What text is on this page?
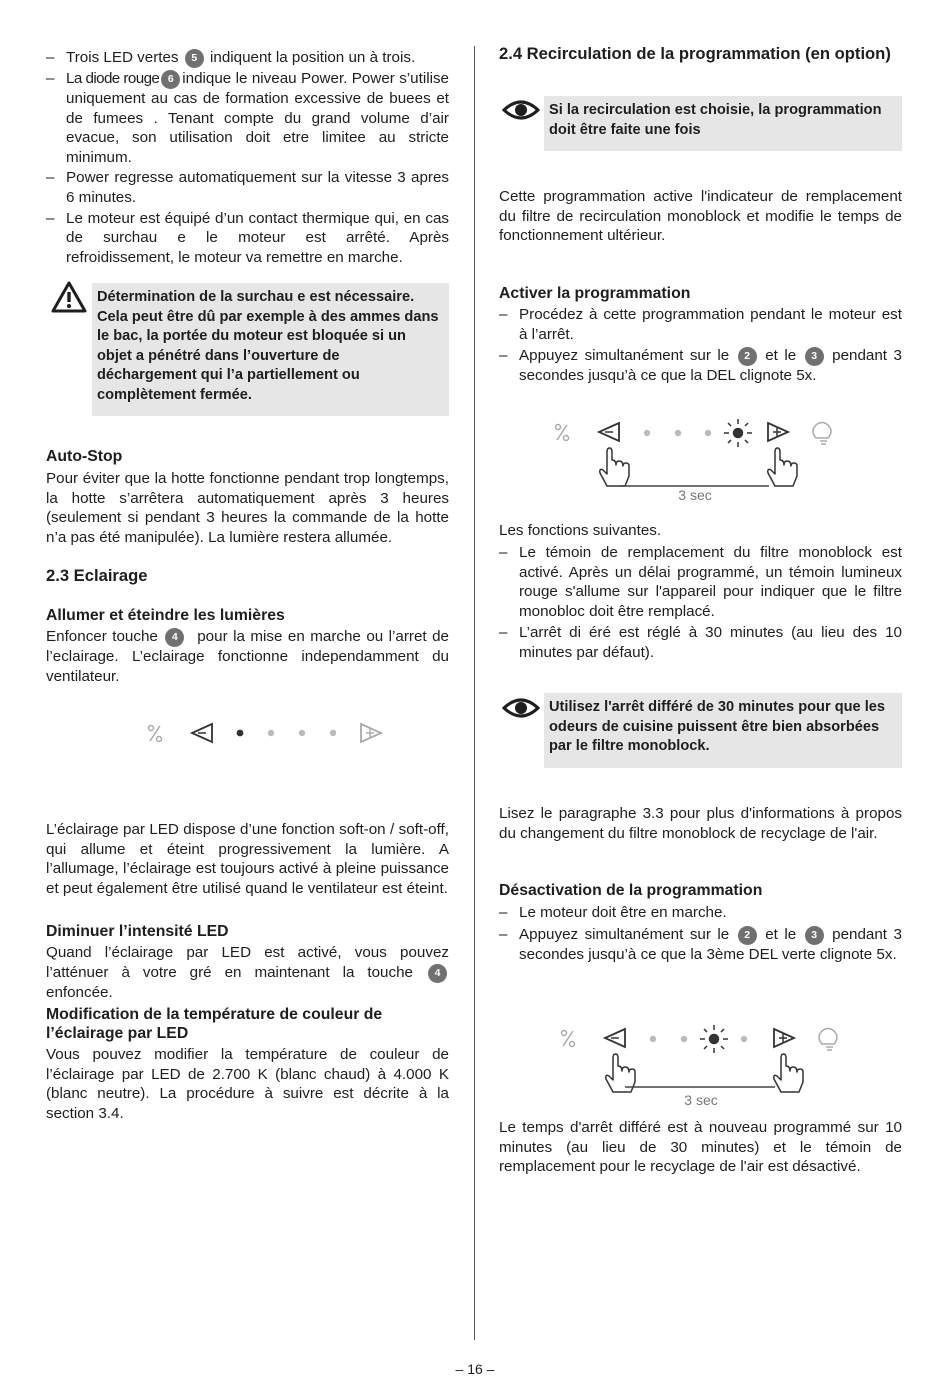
– Trois LED vertes 5 indiquent la position un à trois.
– La diode rouge 6 indique le niveau Power. Power s’utilise uniquement au cas de formation excessive de buees et de fumees . Tenant compte du grand volume d’air evacue, son utilisation doit etre limitee au stricte minimum.
– Power regresse automatiquement sur la vitesse 3 apres 6 minutes.
– Le moteur est équipé d’un contact thermique qui, en cas de surchau e le moteur est arrêté. Après refroidissement, le moteur va remettre en marche.
Détermination de la surchau e est nécessaire. Cela peut être dû par exemple à des ammes dans le bac, la portée du moteur est bloquée si un objet a pénétré dans l’ouverture de déchargement qui l’a partiellement ou complètement fermée.
Auto-Stop

Pour éviter que la hotte fonctionne pendant trop longtemps, la hotte s’arrêtera automatiquement après 3 heures (seulement si pendant 3 heures la commande de la hotte n’a pas été manipulée). La lumière restera allumée.

2.3 Eclairage
Allumer et éteindre les lumières

Enfoncer touche 4 pour la mise en marche ou l’arret de l’eclairage. L’eclairage fonctionne independamment du ventilateur.

L’éclairage par LED dispose d’une fonction soft-on / soft-off, qui allume et éteint progressivement la lumière. A l’allumage, l’éclairage est toujours activé à pleine puissance et peut également être utilisé quand le ventilateur est éteint.

Diminuer l’intensité LED

Quand l’éclairage par LED est activé, vous pouvez l’atténuer à votre gré en maintenant la touche 4 enfoncée.

Modification de la température de couleur de l’éclairage par LED

Vous pouvez modifier la température de couleur de l’éclairage par LED de 2.700 K (blanc chaud) à 4.000 K (blanc neutre). La procédure à suivre est décrite à la section 3.4.

2.4 Recirculation de la programmation (en option)
Si la recirculation est choisie, la programmation doit être faite une fois

Cette programmation active l'indicateur de remplacement du filtre de recirculation monoblock et modifie le temps de fonctionnement ultérieur.

Activer la programmation
– Procédez à cette programmation pendant le moteur est à l’arrêt.
– Appuyez simultanément sur le 2 et le 3 pendant 3 secondes jusqu’à ce que la DEL clignote 5x.
3 sec

Les fonctions suivantes.

– Le témoin de remplacement du filtre monoblock est activé. Après un délai programmé, un témoin lumineux rouge s'allume sur l'appareil pour indiquer que le filtre monobloc doit être remplacé.
– L’arrêt di éré est réglé à 30 minutes (au lieu des 10 minutes par défaut).
Utilisez l'arrêt différé de 30 minutes pour que les odeurs de cuisine puissent être bien absorbées par le filtre monoblock.

Lisez le paragraphe 3.3 pour plus d'informations à propos du changement du filtre monoblock de recyclage de l'air.

Désactivation de la programmation
– Le moteur doit être en marche.
– Appuyez simultanément sur le 2 et le 3 pendant 3 secondes jusqu’à ce que la 3ème DEL verte clignote 5x.
3 sec

Le temps d'arrêt différé est à nouveau programmé sur 10 minutes (au lieu de 30 minutes) et le témoin de remplacement pour le recyclage de l'air est désactivé.

– 16 –
